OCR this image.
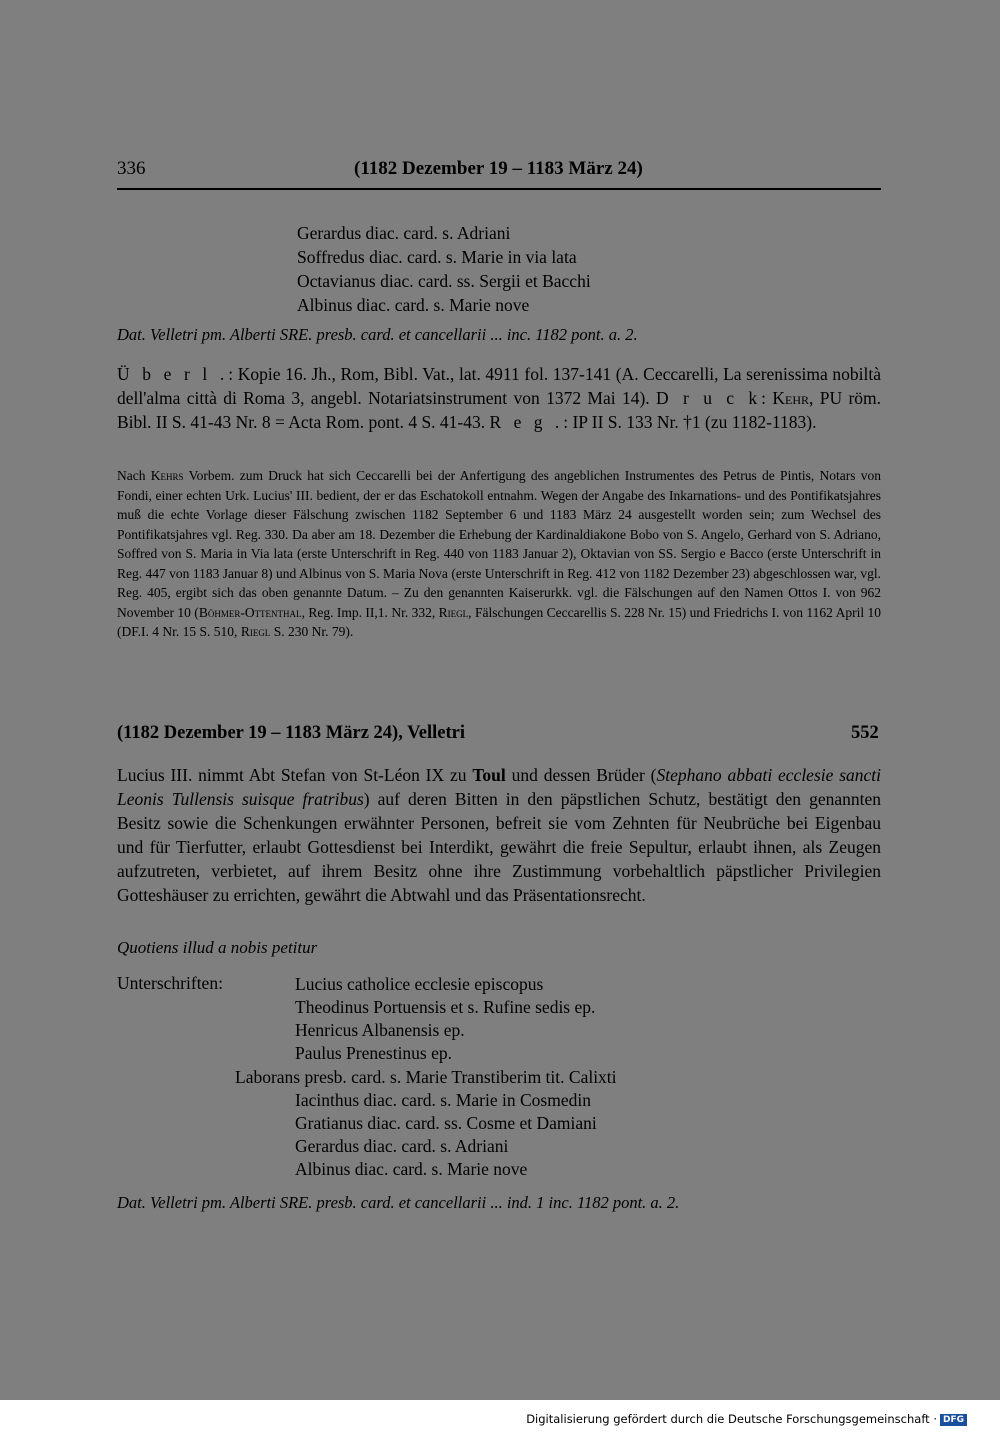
336	(1182 Dezember 19 – 1183 März 24)
Gerardus diac. card. s. Adriani
Soffredus diac. card. s. Marie in via lata
Octavianus diac. card. ss. Sergii et Bacchi
Albinus diac. card. s. Marie nove
Dat. Velletri pm. Alberti SRE. presb. card. et cancellarii ... inc. 1182 pont. a. 2.
Ü b e r l .: Kopie 16. Jh., Rom, Bibl. Vat., lat. 4911 fol. 137-141 (A. Ceccarelli, La serenissima nobiltà dell'alma città di Roma 3, angebl. Notariatsinstrument von 1372 Mai 14). D r u c k: Kehr, PU röm. Bibl. II S. 41-43 Nr. 8 = Acta Rom. pont. 4 S. 41-43. R e g .: IP II S. 133 Nr. †1 (zu 1182-1183).
Nach Kehrs Vorbem. zum Druck hat sich Ceccarelli bei der Anfertigung des angeblichen Instrumentes des Petrus de Pintis, Notars von Fondi, einer echten Urk. Lucius' III. bedient, der er das Eschatokoll entnahm. Wegen der Angabe des Inkarnations- und des Pontifikatsjahres muß die echte Vorlage dieser Fälschung zwischen 1182 September 6 und 1183 März 24 ausgestellt worden sein; zum Wechsel des Pontifikatsjahres vgl. Reg. 330. Da aber am 18. Dezember die Erhebung der Kardinaldiakone Bobo von S. Angelo, Gerhard von S. Adriano, Soffred von S. Maria in Via lata (erste Unterschrift in Reg. 440 von 1183 Januar 2), Oktavian von SS. Sergio e Bacco (erste Unterschrift in Reg. 447 von 1183 Januar 8) und Albinus von S. Maria Nova (erste Unterschrift in Reg. 412 von 1182 Dezember 23) abgeschlossen war, vgl. Reg. 405, ergibt sich das oben genannte Datum. – Zu den genannten Kaiserurkk. vgl. die Fälschungen auf den Namen Ottos I. von 962 November 10 (Böhmer-Ottenthal, Reg. Imp. II,1. Nr. 332, Riegl, Fälschungen Ceccarellis S. 228 Nr. 15) und Friedrichs I. von 1162 April 10 (DF.I. 4 Nr. 15 S. 510, Riegl S. 230 Nr. 79).
(1182 Dezember 19 – 1183 März 24), Velletri	552
Lucius III. nimmt Abt Stefan von St-Léon IX zu Toul und dessen Brüder (Stephano abbati ecclesie sancti Leonis Tullensis suisque fratribus) auf deren Bitten in den päpstlichen Schutz, bestätigt den genannten Besitz sowie die Schenkungen erwähnter Personen, befreit sie vom Zehnten für Neubrüche bei Eigenbau und für Tierfutter, erlaubt Gottesdienst bei Interdikt, gewährt die freie Sepultur, erlaubt ihnen, als Zeugen aufzutreten, verbietet, auf ihrem Besitz ohne ihre Zustimmung vorbehaltlich päpstlicher Privilegien Gotteshäuser zu errichten, gewährt die Abtwahl und das Präsentationsrecht.
Quotiens illud a nobis petitur
Unterschriften:	Lucius catholice ecclesie episcopus
Theodinus Portuensis et s. Rufine sedis ep.
Henricus Albanensis ep.
Paulus Prenestinus ep.
Laborans presb. card. s. Marie Transtiberim tit. Calixti
Iacinthus diac. card. s. Marie in Cosmedin
Gratianus diac. card. ss. Cosme et Damiani
Gerardus diac. card. s. Adriani
Albinus diac. card. s. Marie nove
Dat. Velletri pm. Alberti SRE. presb. card. et cancellarii ... ind. 1 inc. 1182 pont. a. 2.
Digitalisierung gefördert durch die Deutsche Forschungsgemeinschaft · DFG
